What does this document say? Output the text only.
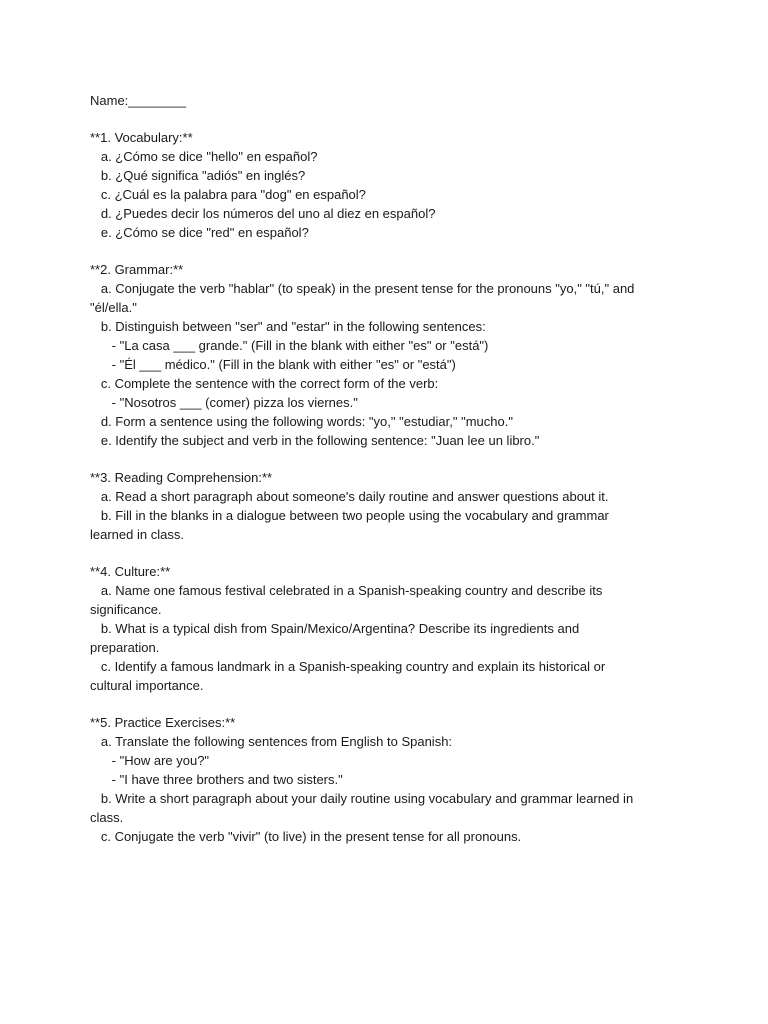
Name:________

**1. Vocabulary:**

a. ¿Cómo se dice "hello" en español?

b. ¿Qué significa "adiós" en inglés?

c. ¿Cuál es la palabra para "dog" en español?

d. ¿Puedes decir los números del uno al diez en español?

e. ¿Cómo se dice "red" en español?

**2. Grammar:**

a. Conjugate the verb "hablar" (to speak) in the present tense for the pronouns "yo," "tú," and

"él/ella."

b. Distinguish between "ser" and "estar" in the following sentences:

- "La casa ___ grande." (Fill in the blank with either "es" or "está")

- "Él ___ médico." (Fill in the blank with either "es" or "está")

c. Complete the sentence with the correct form of the verb:

- "Nosotros ___ (comer) pizza los viernes."

d. Form a sentence using the following words: "yo," "estudiar," "mucho."

e. Identify the subject and verb in the following sentence: "Juan lee un libro."

**3. Reading Comprehension:**

a. Read a short paragraph about someone's daily routine and answer questions about it.

b. Fill in the blanks in a dialogue between two people using the vocabulary and grammar

learned in class.

**4. Culture:**

a. Name one famous festival celebrated in a Spanish-speaking country and describe its

significance.

b. What is a typical dish from Spain/Mexico/Argentina? Describe its ingredients and

preparation.

c. Identify a famous landmark in a Spanish-speaking country and explain its historical or

cultural importance.

**5. Practice Exercises:**

a. Translate the following sentences from English to Spanish:

- "How are you?"

- "I have three brothers and two sisters."

b. Write a short paragraph about your daily routine using vocabulary and grammar learned in

class.

c. Conjugate the verb "vivir" (to live) in the present tense for all pronouns.
